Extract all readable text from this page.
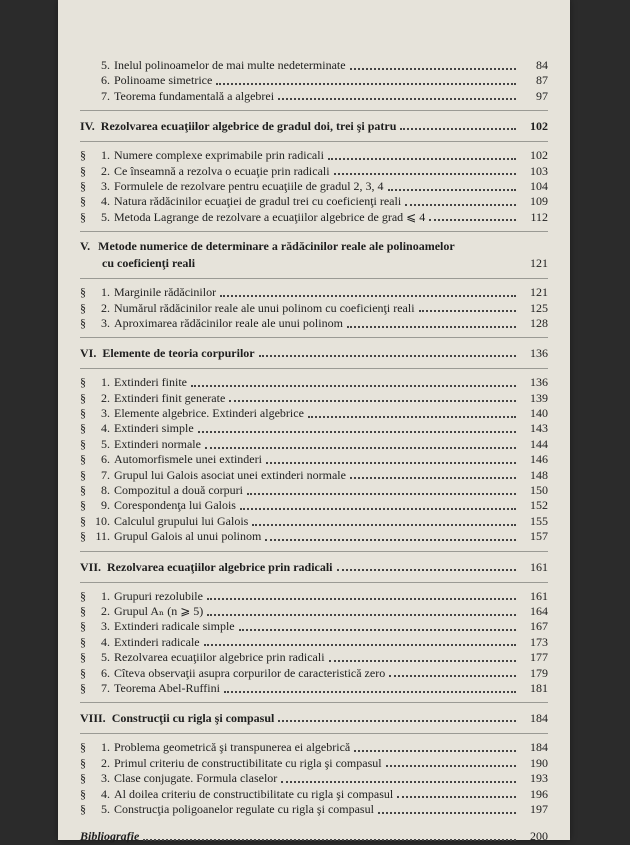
5. Inelul polinoamelor de mai multe nedeterminate	84
6. Polinoame simetrice	87
7. Teorema fundamentală a algebrei	97
IV. Rezolvarea ecuaţiilor algebrice de gradul doi, trei şi patru	102
§	1. Numere complexe exprimabile prin radicali	102
§	2. Ce înseamnă a rezolva o ecuaţie prin radicali	103
§	3. Formulele de rezolvare pentru ecuaţiile de gradul 2, 3, 4	104
§	4. Natura rădăcinilor ecuaţiei de gradul trei cu coeficienţi reali	109
§	5. Metoda Lagrange de rezolvare a ecuaţiilor algebrice de grad ⩽ 4	112
V. Metode numerice de determinare a rădăcinilor reale ale polinoamelor
cu coeficienţi reali	121
§	1. Marginile rădăcinilor	121
§	2. Numărul rădăcinilor reale ale unui polinom cu coeficienţi reali	125
§	3. Aproximarea rădăcinilor reale ale unui polinom	128
VI. Elemente de teoria corpurilor	136
§	1. Extinderi finite	136
§	2. Extinderi finit generate	139
§	3. Elemente algebrice. Extinderi algebrice	140
§	4. Extinderi simple	143
§	5. Extinderi normale	144
§	6. Automorfismele unei extinderi	146
§	7. Grupul lui Galois asociat unei extinderi normale	148
§	8. Compozitul a două corpuri	150
§	9. Corespondenţa lui Galois	152
§ 10. Calculul grupului lui Galois	155
§ 11. Grupul Galois al unui polinom	157
VII. Rezolvarea ecuaţiilor algebrice prin radicali	161
§	1. Grupuri rezolubile	161
§	2. Grupul Aₙ (n ⩾ 5)	164
§	3. Extinderi radicale simple	167
§	4. Extinderi radicale	173
§	5. Rezolvarea ecuaţiilor algebrice prin radicali	177
§	6. Cîteva observaţii asupra corpurilor de caracteristică zero	179
§	7. Teorema Abel-Ruffini	181
VIII. Construcţii cu rigla şi compasul	184
§	1. Problema geometrică şi transpunerea ei algebrică	184
§	2. Primul criteriu de constructibilitate cu rigla şi compasul	190
§	3. Clase conjugate. Formula claselor	193
§	4. Al doilea criteriu de constructibilitate cu rigla şi compasul	196
§	5. Construcţia poligoanelor regulate cu rigla şi compasul	197
Bibliografie	200
